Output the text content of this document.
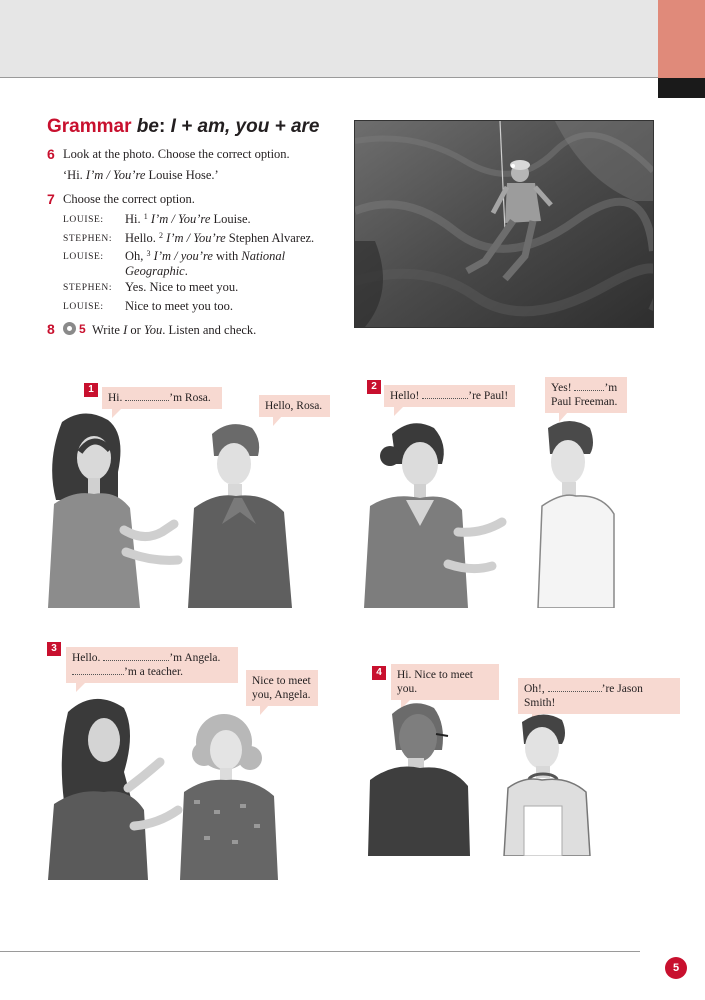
Grammar be: I + am, you + are
6 Look at the photo. Choose the correct option.
‘Hi. I’m / You’re Louise Hose.’
7 Choose the correct option.
LOUISE: Hi. $^1$ I’m / You’re Louise.
STEPHEN: Hello. $^2$ I’m / You’re Stephen Alvarez.
LOUISE: Oh, $^3$ I’m / you’re with National Geographic.
STEPHEN: Yes. Nice to meet you.
LOUISE: Nice to meet you too.
8 5 Write I or You. Listen and check.
1
Hi.	’m Rosa.
Hello, Rosa.
2
Hello!	’re Paul!
Yes!	’m
Paul Freeman.
3
Hello.	’m Angela.
’m a teacher.
Nice to meet
you, Angela.
4	Hi. Nice to meet you.	Oh!,	’re Jason Smith!
5
